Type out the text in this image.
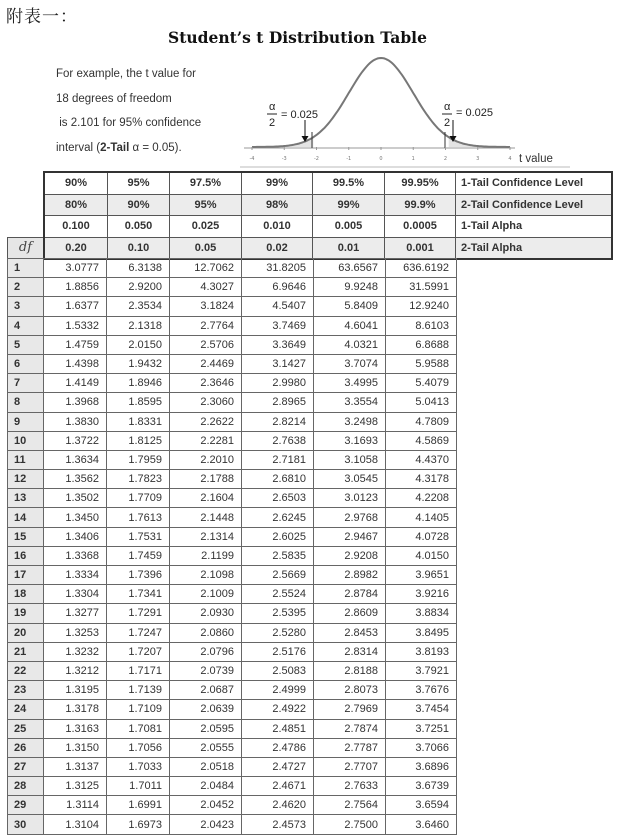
附表一：
Student’s t Distribution Table
For example, the t value for
18 degrees of freedom
is 2.101 for 95% confidence
interval (2-Tail α = 0.05).
-4	-3	-2	-1	0	1	2	3	4
α
2
= 0.025
α
2
= 0.025
t value
df
90%	95%	97.5%	99%	99.5%	99.95%	1-Tail Confidence Level
80%	90%	95%	98%	99%	99.9%	2-Tail Confidence Level
0.100	0.050	0.025	0.010	0.005	0.0005	1-Tail Alpha
0.20	0.10	0.05	0.02	0.01	0.001	2-Tail Alpha
1	3.0777	6.3138	12.7062	31.8205	63.6567	636.6192
2	1.8856	2.9200	4.3027	6.9646	9.9248	31.5991
3	1.6377	2.3534	3.1824	4.5407	5.8409	12.9240
4	1.5332	2.1318	2.7764	3.7469	4.6041	8.6103
5	1.4759	2.0150	2.5706	3.3649	4.0321	6.8688
6	1.4398	1.9432	2.4469	3.1427	3.7074	5.9588
7	1.4149	1.8946	2.3646	2.9980	3.4995	5.4079
8	1.3968	1.8595	2.3060	2.8965	3.3554	5.0413
9	1.3830	1.8331	2.2622	2.8214	3.2498	4.7809
10	1.3722	1.8125	2.2281	2.7638	3.1693	4.5869
11	1.3634	1.7959	2.2010	2.7181	3.1058	4.4370
12	1.3562	1.7823	2.1788	2.6810	3.0545	4.3178
13	1.3502	1.7709	2.1604	2.6503	3.0123	4.2208
14	1.3450	1.7613	2.1448	2.6245	2.9768	4.1405
15	1.3406	1.7531	2.1314	2.6025	2.9467	4.0728
16	1.3368	1.7459	2.1199	2.5835	2.9208	4.0150
17	1.3334	1.7396	2.1098	2.5669	2.8982	3.9651
18	1.3304	1.7341	2.1009	2.5524	2.8784	3.9216
19	1.3277	1.7291	2.0930	2.5395	2.8609	3.8834
20	1.3253	1.7247	2.0860	2.5280	2.8453	3.8495
21	1.3232	1.7207	2.0796	2.5176	2.8314	3.8193
22	1.3212	1.7171	2.0739	2.5083	2.8188	3.7921
23	1.3195	1.7139	2.0687	2.4999	2.8073	3.7676
24	1.3178	1.7109	2.0639	2.4922	2.7969	3.7454
25	1.3163	1.7081	2.0595	2.4851	2.7874	3.7251
26	1.3150	1.7056	2.0555	2.4786	2.7787	3.7066
27	1.3137	1.7033	2.0518	2.4727	2.7707	3.6896
28	1.3125	1.7011	2.0484	2.4671	2.7633	3.6739
29	1.3114	1.6991	2.0452	2.4620	2.7564	3.6594
30	1.3104	1.6973	2.0423	2.4573	2.7500	3.6460
